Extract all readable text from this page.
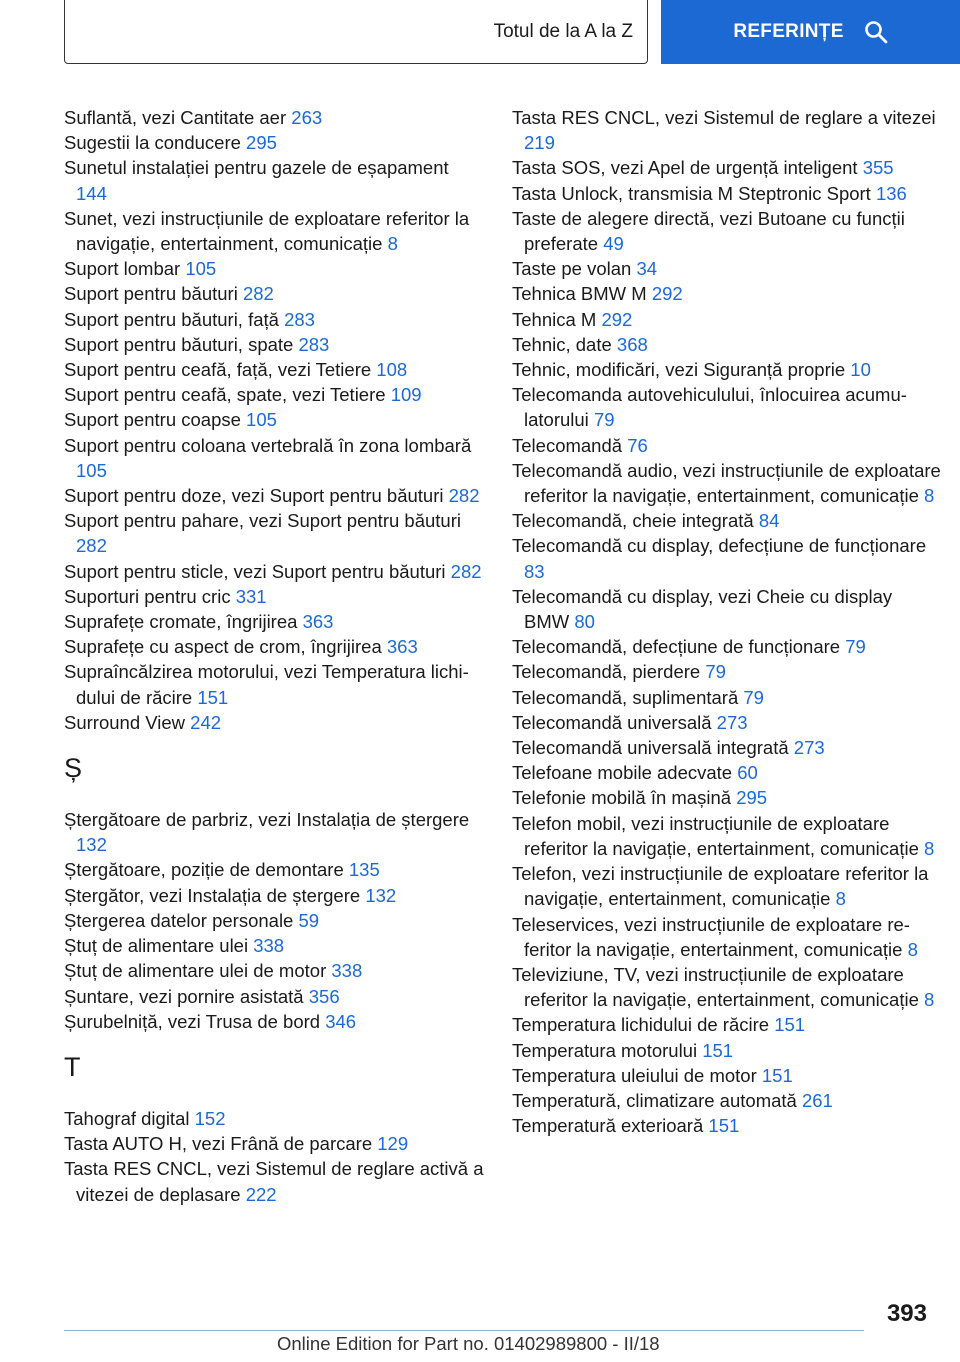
Totul de la A la Z	REFERINȚE
Suflantă, vezi Cantitate aer 263
Sugestii la conducere 295
Sunetul instalației pentru gazele de eșapament 144
Sunet, vezi instrucțiunile de exploatare referitor la navigație, entertainment, comunicație 8
Suport lombar 105
Suport pentru băuturi 282
Suport pentru băuturi, față 283
Suport pentru băuturi, spate 283
Suport pentru ceafă, față, vezi Tetiere 108
Suport pentru ceafă, spate, vezi Tetiere 109
Suport pentru coapse 105
Suport pentru coloana vertebrală în zona lombară 105
Suport pentru doze, vezi Suport pentru băuturi 282
Suport pentru pahare, vezi Suport pentru băuturi 282
Suport pentru sticle, vezi Suport pentru băuturi 282
Suporturi pentru cric 331
Suprafețe cromate, îngrijirea 363
Suprafețe cu aspect de crom, îngrijirea 363
Supraîncălzirea motorului, vezi Temperatura lichidului de răcire 151
Surround View 242
Ș
Ștergătoare de parbriz, vezi Instalația de ștergere 132
Ștergătoare, poziție de demontare 135
Ștergător, vezi Instalația de ștergere 132
Ștergerea datelor personale 59
Ștuț de alimentare ulei 338
Ștuț de alimentare ulei de motor 338
Șuntare, vezi pornire asistată 356
Șurubelniță, vezi Trusa de bord 346
T
Tahograf digital 152
Tasta AUTO H, vezi Frână de parcare 129
Tasta RES CNCL, vezi Sistemul de reglare activă a vitezei de deplasare 222
Tasta RES CNCL, vezi Sistemul de reglare a vitezei 219
Tasta SOS, vezi Apel de urgență inteligent 355
Tasta Unlock, transmisia M Steptronic Sport 136
Taste de alegere directă, vezi Butoane cu funcții preferate 49
Taste pe volan 34
Tehnica BMW M 292
Tehnica M 292
Tehnic, date 368
Tehnic, modificări, vezi Siguranță proprie 10
Telecomanda autovehiculului, înlocuirea acumulatorului 79
Telecomandă 76
Telecomandă audio, vezi instrucțiunile de exploatare referitor la navigație, entertainment, comunicație 8
Telecomandă, cheie integrată 84
Telecomandă cu display, defecțiune de funcționare 83
Telecomandă cu display, vezi Cheie cu display BMW 80
Telecomandă, defecțiune de funcționare 79
Telecomandă, pierdere 79
Telecomandă, suplimentară 79
Telecomandă universală 273
Telecomandă universală integrată 273
Telefoane mobile adecvate 60
Telefonie mobilă în mașină 295
Telefon mobil, vezi instrucțiunile de exploatare referitor la navigație, entertainment, comunicație 8
Telefon, vezi instrucțiunile de exploatare referitor la navigație, entertainment, comunicație 8
Teleservices, vezi instrucțiunile de exploatare referitor la navigație, entertainment, comunicație 8
Televiziune, TV, vezi instrucțiunile de exploatare referitor la navigație, entertainment, comunicație 8
Temperatura lichidului de răcire 151
Temperatura motorului 151
Temperatura uleiului de motor 151
Temperatură, climatizare automată 261
Temperatură exterioară 151
393
Online Edition for Part no. 01402989800 - II/18
